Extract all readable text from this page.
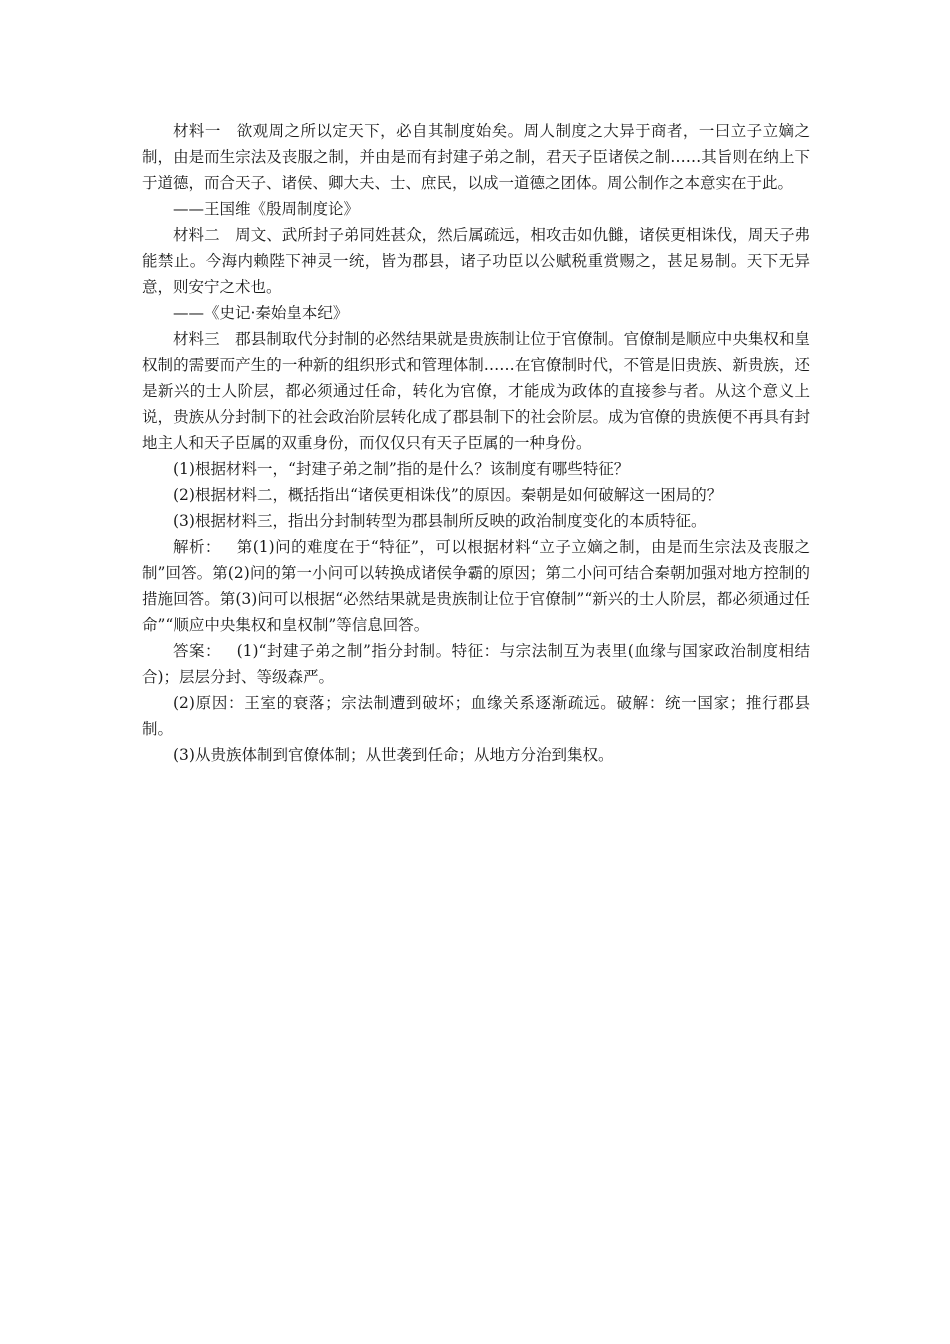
材料一 欲观周之所以定天下，必自其制度始矣。周人制度之大异于商者，一曰立子立嫡之制，由是而生宗法及丧服之制，并由是而有封建子弟之制，君天子臣诸侯之制……其旨则在纳上下于道德，而合天子、诸侯、卿大夫、士、庶民，以成一道德之团体。周公制作之本意实在于此。

——王国维《殷周制度论》

材料二 周文、武所封子弟同姓甚众，然后属疏远，相攻击如仇雠，诸侯更相诛伐，周天子弗能禁止。今海内赖陛下神灵一统，皆为郡县，诸子功臣以公赋税重赏赐之，甚足易制。天下无异意，则安宁之术也。

——《史记·秦始皇本纪》

材料三 郡县制取代分封制的必然结果就是贵族制让位于官僚制。官僚制是顺应中央集权和皇权制的需要而产生的一种新的组织形式和管理体制……在官僚制时代，不管是旧贵族、新贵族，还是新兴的士人阶层，都必须通过任命，转化为官僚，才能成为政体的直接参与者。从这个意义上说，贵族从分封制下的社会政治阶层转化成了郡县制下的社会阶层。成为官僚的贵族便不再具有封地主人和天子臣属的双重身份，而仅仅只有天子臣属的一种身份。

(1)根据材料一，“封建子弟之制”指的是什么？该制度有哪些特征？

(2)根据材料二，概括指出“诸侯更相诛伐”的原因。秦朝是如何破解这一困局的？

(3)根据材料三，指出分封制转型为郡县制所反映的政治制度变化的本质特征。

解析： 第(1)问的难度在于“特征”，可以根据材料“立子立嫡之制，由是而生宗法及丧服之制”回答。第(2)问的第一小问可以转换成诸侯争霸的原因；第二小问可结合秦朝加强对地方控制的措施回答。第(3)问可以根据“必然结果就是贵族制让位于官僚制”“新兴的士人阶层，都必须通过任命”“顺应中央集权和皇权制”等信息回答。

答案： (1)“封建子弟之制”指分封制。特征：与宗法制互为表里(血缘与国家政治制度相结合)；层层分封、等级森严。

(2)原因：王室的衰落；宗法制遭到破坏；血缘关系逐渐疏远。破解：统一国家；推行郡县制。

(3)从贵族体制到官僚体制；从世袭到任命；从地方分治到集权。
